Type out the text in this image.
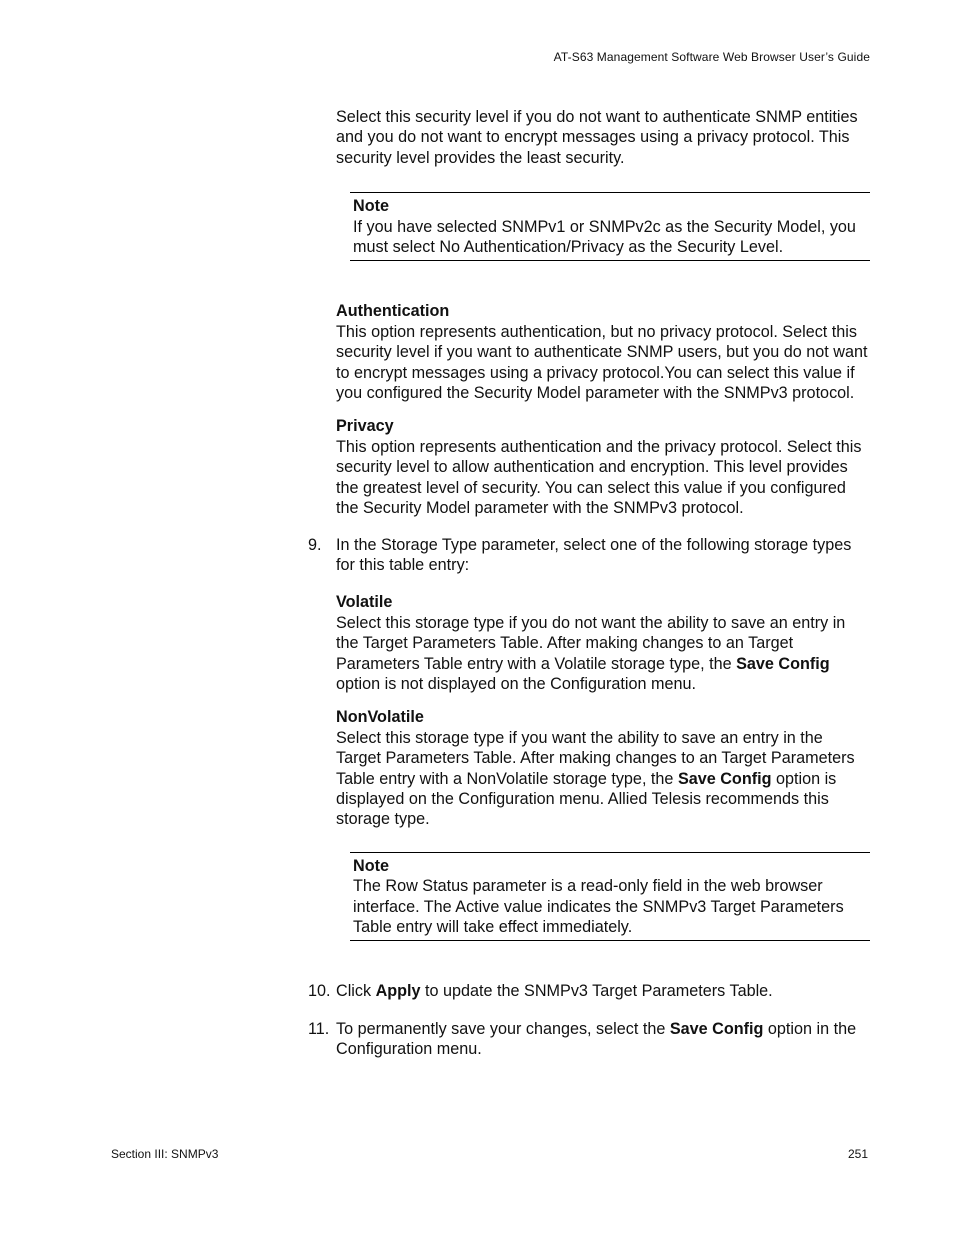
AT-S63 Management Software Web Browser User’s Guide

Select this security level if you do not want to authenticate SNMP entities and you do not want to encrypt messages using a privacy protocol. This security level provides the least security.

Note
If you have selected SNMPv1 or SNMPv2c as the Security Model, you must select No Authentication/Privacy as the Security Level.
Authentication

This option represents authentication, but no privacy protocol. Select this security level if you want to authenticate SNMP users, but you do not want to encrypt messages using a privacy protocol.You can select this value if you configured the Security Model parameter with the SNMPv3 protocol.

Privacy

This option represents authentication and the privacy protocol. Select this security level to allow authentication and encryption. This level provides the greatest level of security. You can select this value if you configured the Security Model parameter with the SNMPv3 protocol.

9. In the Storage Type parameter, select one of the following storage types for this table entry:

Volatile

Select this storage type if you do not want the ability to save an entry in the Target Parameters Table. After making changes to an Target Parameters Table entry with a Volatile storage type, the Save Config option is not displayed on the Configuration menu.

NonVolatile

Select this storage type if you want the ability to save an entry in the Target Parameters Table. After making changes to an Target Parameters Table entry with a NonVolatile storage type, the Save Config option is displayed on the Configuration menu. Allied Telesis recommends this storage type.

Note
The Row Status parameter is a read-only field in the web browser interface. The Active value indicates the SNMPv3 Target Parameters Table entry will take effect immediately.
10. Click Apply to update the SNMPv3 Target Parameters Table.

11. To permanently save your changes, select the Save Config option in the Configuration menu.

Section III: SNMPv3	251
